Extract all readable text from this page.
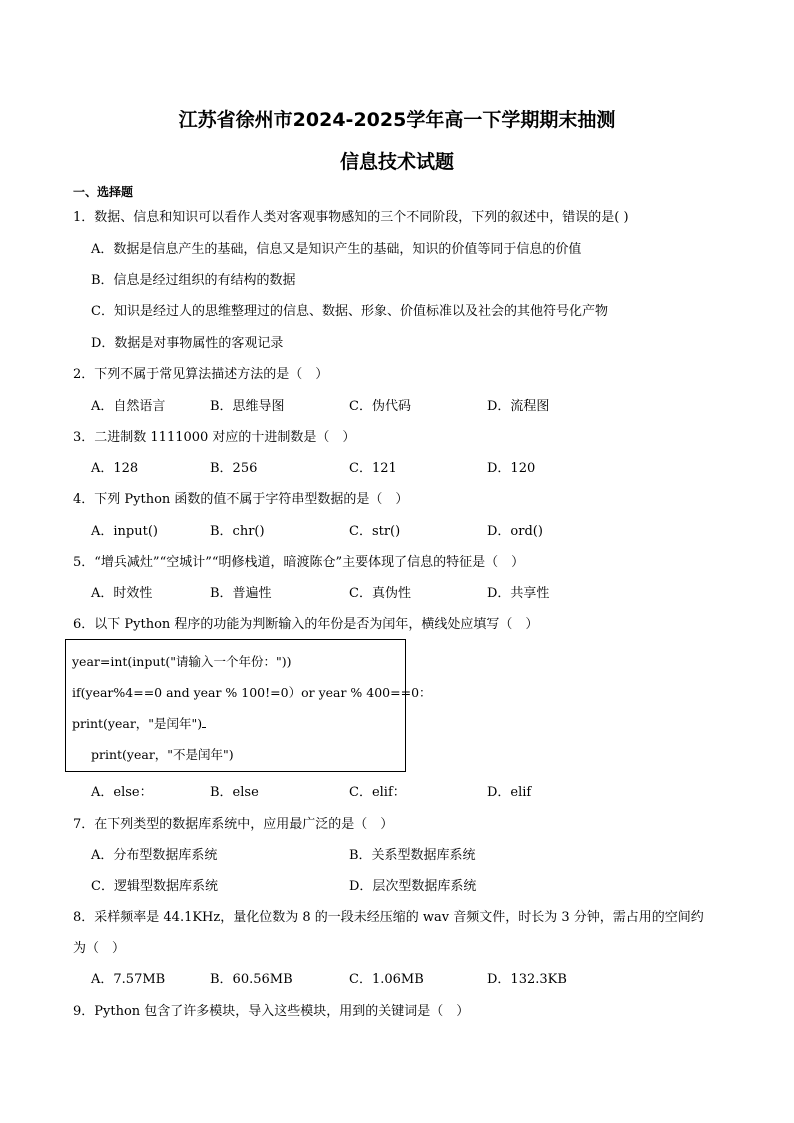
江苏省徐州市2024-2025学年高一下学期期末抽测
信息技术试题
一、选择题
1．数据、信息和知识可以看作人类对客观事物感知的三个不同阶段，下列的叙述中，错误的是( )
A．数据是信息产生的基础，信息又是知识产生的基础，知识的价值等同于信息的价值
B．信息是经过组织的有结构的数据
C．知识是经过人的思维整理过的信息、数据、形象、价值标准以及社会的其他符号化产物
D．数据是对事物属性的客观记录
2．下列不属于常见算法描述方法的是（　）
A．自然语言	B．思维导图	C．伪代码	D．流程图
3．二进制数 1111000 对应的十进制数是（　）
A．128	B．256	C．121	D．120
4．下列 Python 函数的值不属于字符串型数据的是（　）
A．input()	B．chr()	C．str()	D．ord()
5．“增兵减灶”“空城计”“明修栈道，暗渡陈仓”主要体现了信息的特征是（　）
A．时效性	B．普遍性	C．真伪性	D．共享性
6．以下 Python 程序的功能为判断输入的年份是否为闰年，横线处应填写（　）
year=int(input("请输入一个年份："))
if(year%4==0 and year % 100!=0）or year % 400==0：
print(year，"是闰年")
print(year，"不是闰年")
A．else：	B．else	C．elif：	D．elif
7．在下列类型的数据库系统中，应用最广泛的是（　）
A．分布型数据库系统	B．关系型数据库系统
C．逻辑型数据库系统	D．层次型数据库系统
8．采样频率是 44.1KHz，量化位数为 8 的一段未经压缩的 wav 音频文件，时长为 3 分钟，需占用的空间约
为（　）
A．7.57MB	B．60.56MB	C．1.06MB	D．132.3KB
9．Python 包含了许多模块，导入这些模块，用到的关键词是（　）
